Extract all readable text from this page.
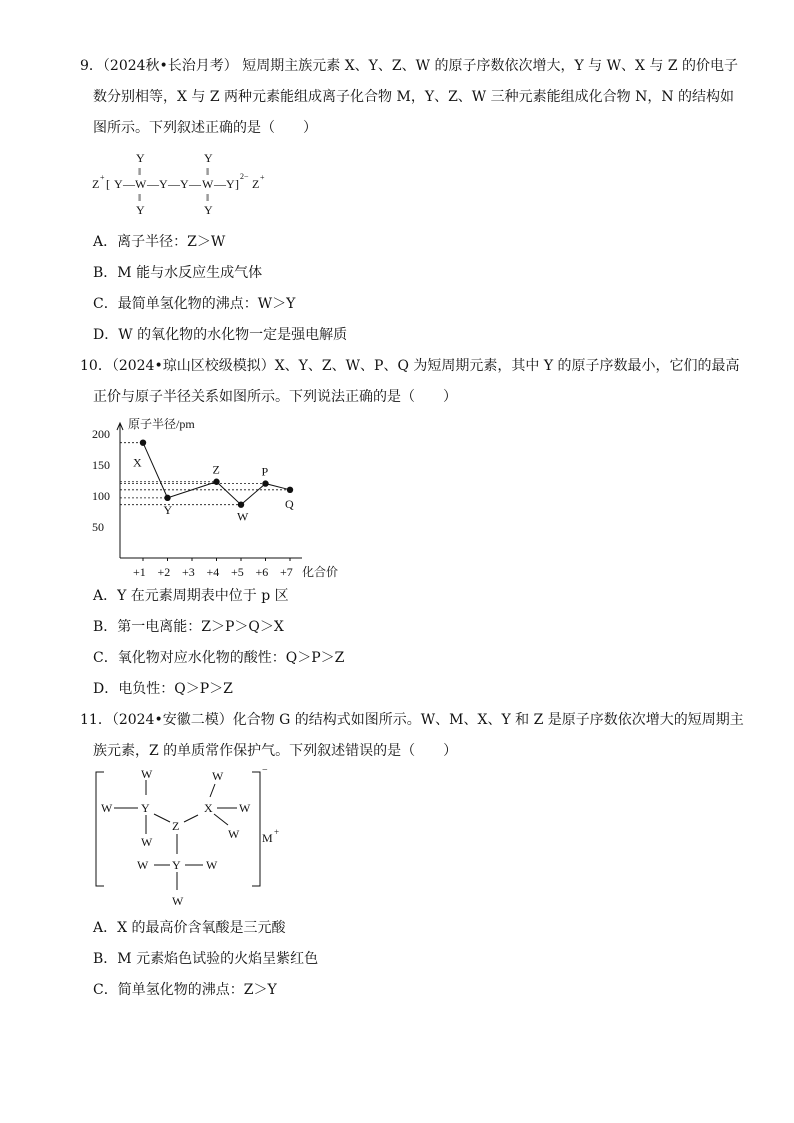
9．（2024秋•长治月考） 短周期主族元素 X、Y、Z、W 的原子序数依次增大，Y 与 W、X 与 Z 的价电子
数分别相等，X 与 Z 两种元素能组成离子化合物 M，Y、Z、W 三种元素能组成化合物 N，N 的结构如
图所示。下列叙述正确的是（　　）
Z + [ Y — W — Y — Y — W — Y ]
2−
Z +
Y
‖
‖
Y
Y
‖
‖
Y
A．离子半径：Z＞W
B．M 能与水反应生成气体
C．最简单氢化物的沸点：W＞Y
D．W 的氧化物的水化物一定是强电解质
10．（2024•琼山区校级模拟）X、Y、Z、W、P、Q 为短周期元素，其中 Y 的原子序数最小，它们的最高
正价与原子半径关系如图所示。下列说法正确的是（　　）
X
Y
Z
W
P
Q
50
100
150
200
+1 +2 +3 +4 +5 +6 +7
原子半径/pm
化合价
A．Y 在元素周期表中位于 p 区
B．第一电离能：Z＞P＞Q＞X
C．氧化物对应水化物的酸性：Q＞P＞Z
D．电负性：Q＞P＞Z
11．（2024•安徽二模）化合物 G 的结构式如图所示。W、M、X、Y 和 Z 是原子序数依次增大的短周期主
族元素，Z 的单质常作保护气。下列叙述错误的是（　　）
W
W Y
W
Z
W
X W
W
W Y W
W
−
M +
A．X 的最高价含氧酸是三元酸
B．M 元素焰色试验的火焰呈紫红色
C．简单氢化物的沸点：Z＞Y
